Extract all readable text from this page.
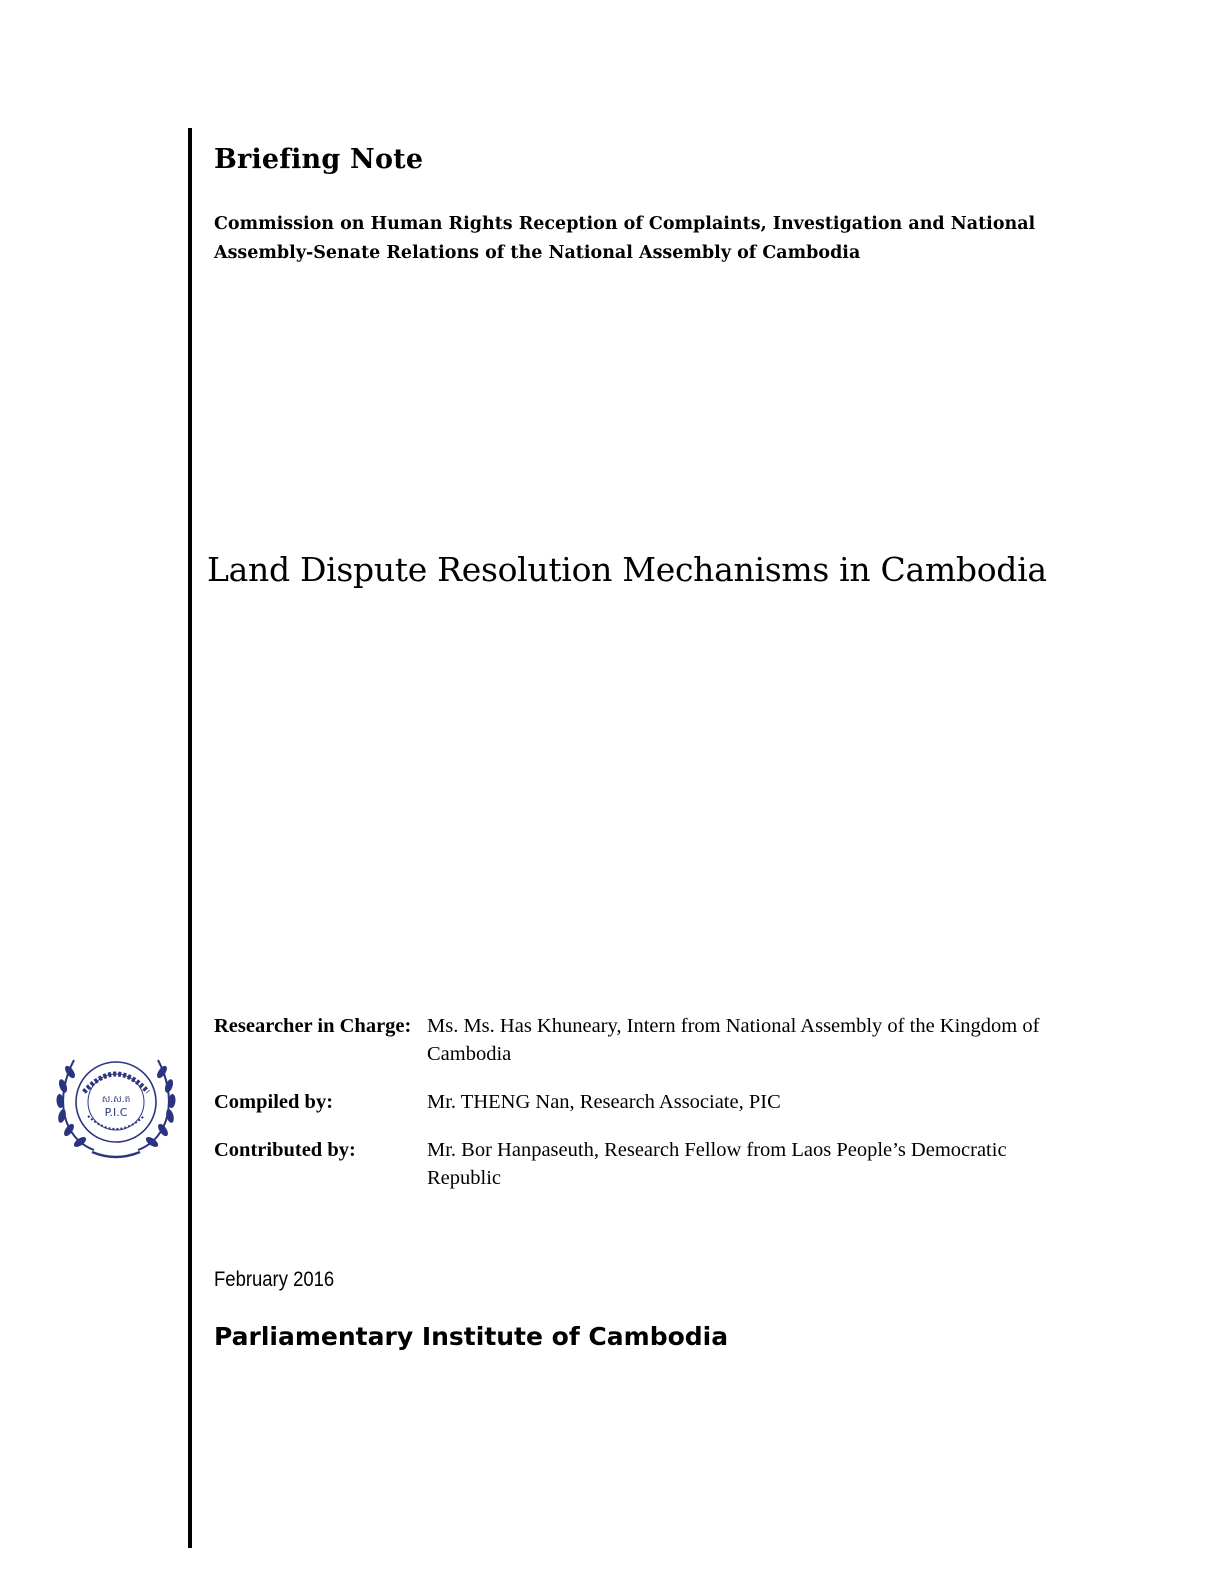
Briefing Note
Commission on Human Rights Reception of Complaints, Investigation and National Assembly-Senate Relations of the National Assembly of Cambodia
Land Dispute Resolution Mechanisms in Cambodia
ស.ស.ត
P.I.C
Researcher in Charge: Ms. Ms. Has Khuneary, Intern from National Assembly of the Kingdom of Cambodia
Compiled by:	Mr. THENG Nan, Research Associate, PIC
Contributed by:	Mr. Bor Hanpaseuth, Research Fellow from Laos People’s Democratic Republic
February 2016
Parliamentary Institute of Cambodia
